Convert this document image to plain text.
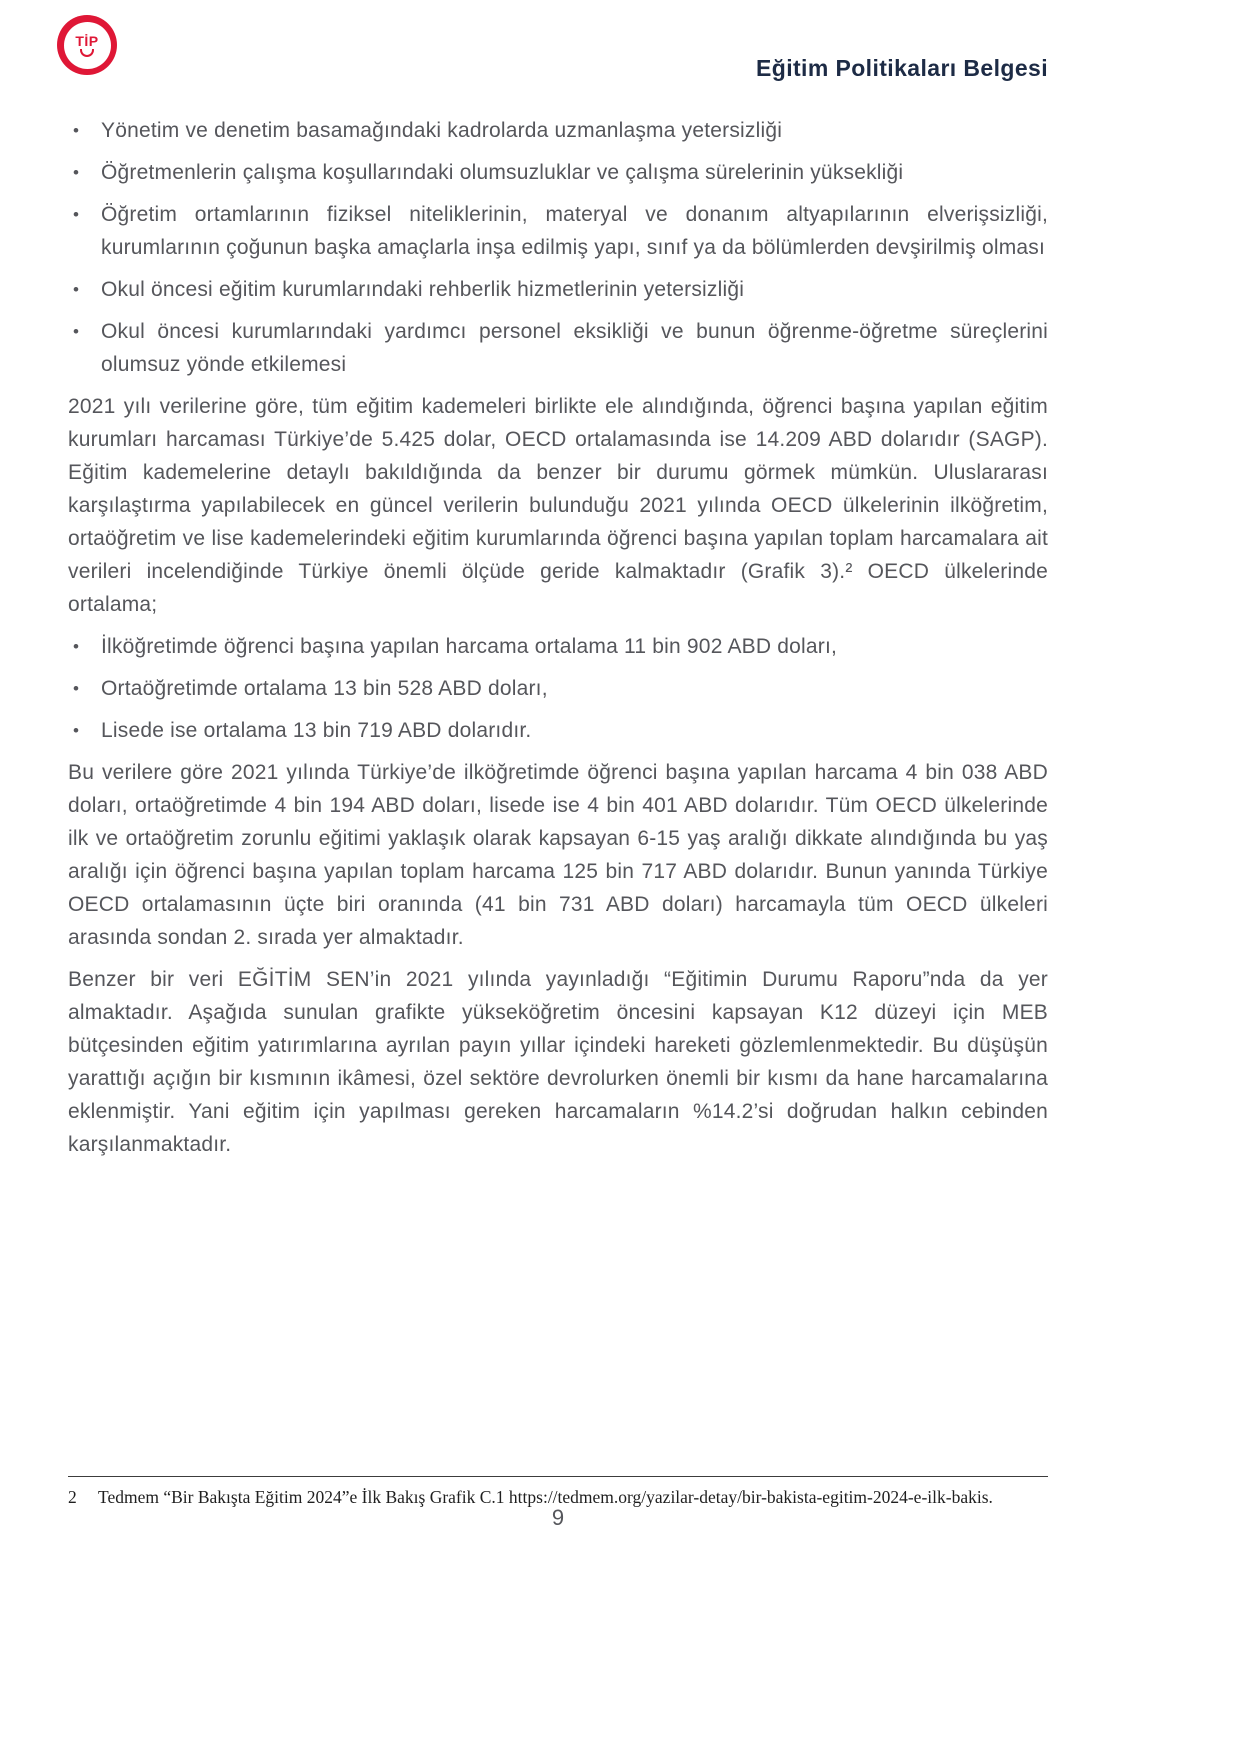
TİP
Eğitim Politikaları Belgesi
• Yönetim ve denetim basamağındaki kadrolarda uzmanlaşma yetersizliği
• Öğretmenlerin çalışma koşullarındaki olumsuzluklar ve çalışma sürelerinin yüksekliği
• Öğretim ortamlarının fiziksel niteliklerinin, materyal ve donanım altyapılarının elverişsizliği, kurumlarının çoğunun başka amaçlarla inşa edilmiş yapı, sınıf ya da bölümlerden devşirilmiş olması
• Okul öncesi eğitim kurumlarındaki rehberlik hizmetlerinin yetersizliği
• Okul öncesi kurumlarındaki yardımcı personel eksikliği ve bunun öğrenme-öğretme süreçlerini olumsuz yönde etkilemesi

2021 yılı verilerine göre, tüm eğitim kademeleri birlikte ele alındığında, öğrenci başına yapılan eğitim kurumları harcaması Türkiye’de 5.425 dolar, OECD ortalamasında ise 14.209 ABD dolarıdır (SAGP). Eğitim kademelerine detaylı bakıldığında da benzer bir durumu görmek mümkün. Uluslararası karşılaştırma yapılabilecek en güncel verilerin bulunduğu 2021 yılında OECD ülkelerinin ilköğretim, ortaöğretim ve lise kademelerindeki eğitim kurumlarında öğrenci başına yapılan toplam harcamalara ait verileri incelendiğinde Türkiye önemli ölçüde geride kalmaktadır (Grafik 3).² OECD ülkelerinde ortalama;

• İlköğretimde öğrenci başına yapılan harcama ortalama 11 bin 902 ABD doları,
• Ortaöğretimde ortalama 13 bin 528 ABD doları,
• Lisede ise ortalama 13 bin 719 ABD dolarıdır.

Bu verilere göre 2021 yılında Türkiye’de ilköğretimde öğrenci başına yapılan harcama 4 bin 038 ABD doları, ortaöğretimde 4 bin 194 ABD doları, lisede ise 4 bin 401 ABD dolarıdır. Tüm OECD ülkelerinde ilk ve ortaöğretim zorunlu eğitimi yaklaşık olarak kapsayan 6-15 yaş aralığı dikkate alındığında bu yaş aralığı için öğrenci başına yapılan toplam harcama 125 bin 717 ABD dolarıdır. Bunun yanında Türkiye OECD ortalamasının üçte biri oranında (41 bin 731 ABD doları) harcamayla tüm OECD ülkeleri arasında sondan 2. sırada yer almaktadır.

Benzer bir veri EĞİTİM SEN’in 2021 yılında yayınladığı “Eğitimin Durumu Raporu”nda da yer almaktadır. Aşağıda sunulan grafikte yükseköğretim öncesini kapsayan K12 düzeyi için MEB bütçesinden eğitim yatırımlarına ayrılan payın yıllar içindeki hareketi gözlemlenmektedir. Bu düşüşün yarattığı açığın bir kısmının ikâmesi, özel sektöre devrolurken önemli bir kısmı da hane harcamalarına eklenmiştir. Yani eğitim için yapılması gereken harcamaların %14.2’si doğrudan halkın cebinden karşılanmaktadır.

2 Tedmem “Bir Bakışta Eğitim 2024”e İlk Bakış Grafik C.1 https://tedmem.org/yazilar-detay/bir-bakista-egitim-2024-e-ilk-bakis.
9
